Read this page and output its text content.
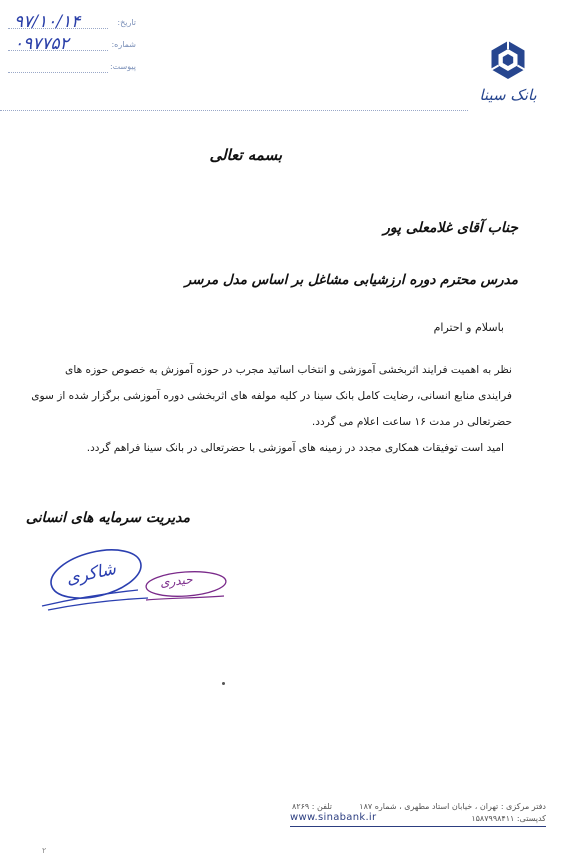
تاریخ:
۹۷/۱۰/۱۴
شماره:
۰۹۷۷۵۲
پیوست:
بانک سینا
بسمه تعالی
جناب آقای غلامعلی پور
مدرس محترم دوره ارزشیابی مشاغل بر اساس مدل مرسر
باسلام و احترام
نظر به اهمیت فرایند اثربخشی آموزشی و انتخاب اساتید مجرب در حوزه آموزش به خصوص حوزه های
فرایندی منابع انسانی، رضایت کامل بانک سینا در کلیه مولفه های اثربخشی دوره آموزشی برگزار شده از سوی
حضرتعالی در مدت ۱۶ ساعت اعلام می گردد.
امید است توفیقات همکاری مجدد در زمینه های آموزشی با حضرتعالی در بانک سینا فراهم گردد.
مدیریت سرمایه های انسانی
شاکری	حیدری
دفتر مرکزی : تهران ، خیابان استاد مطهری ، شماره ۱۸۷
کدپستی: ۱۵۸۷۹۹۸۴۱۱
تلفن : ۸۲۶۹
www.sinabank.ir
۲
